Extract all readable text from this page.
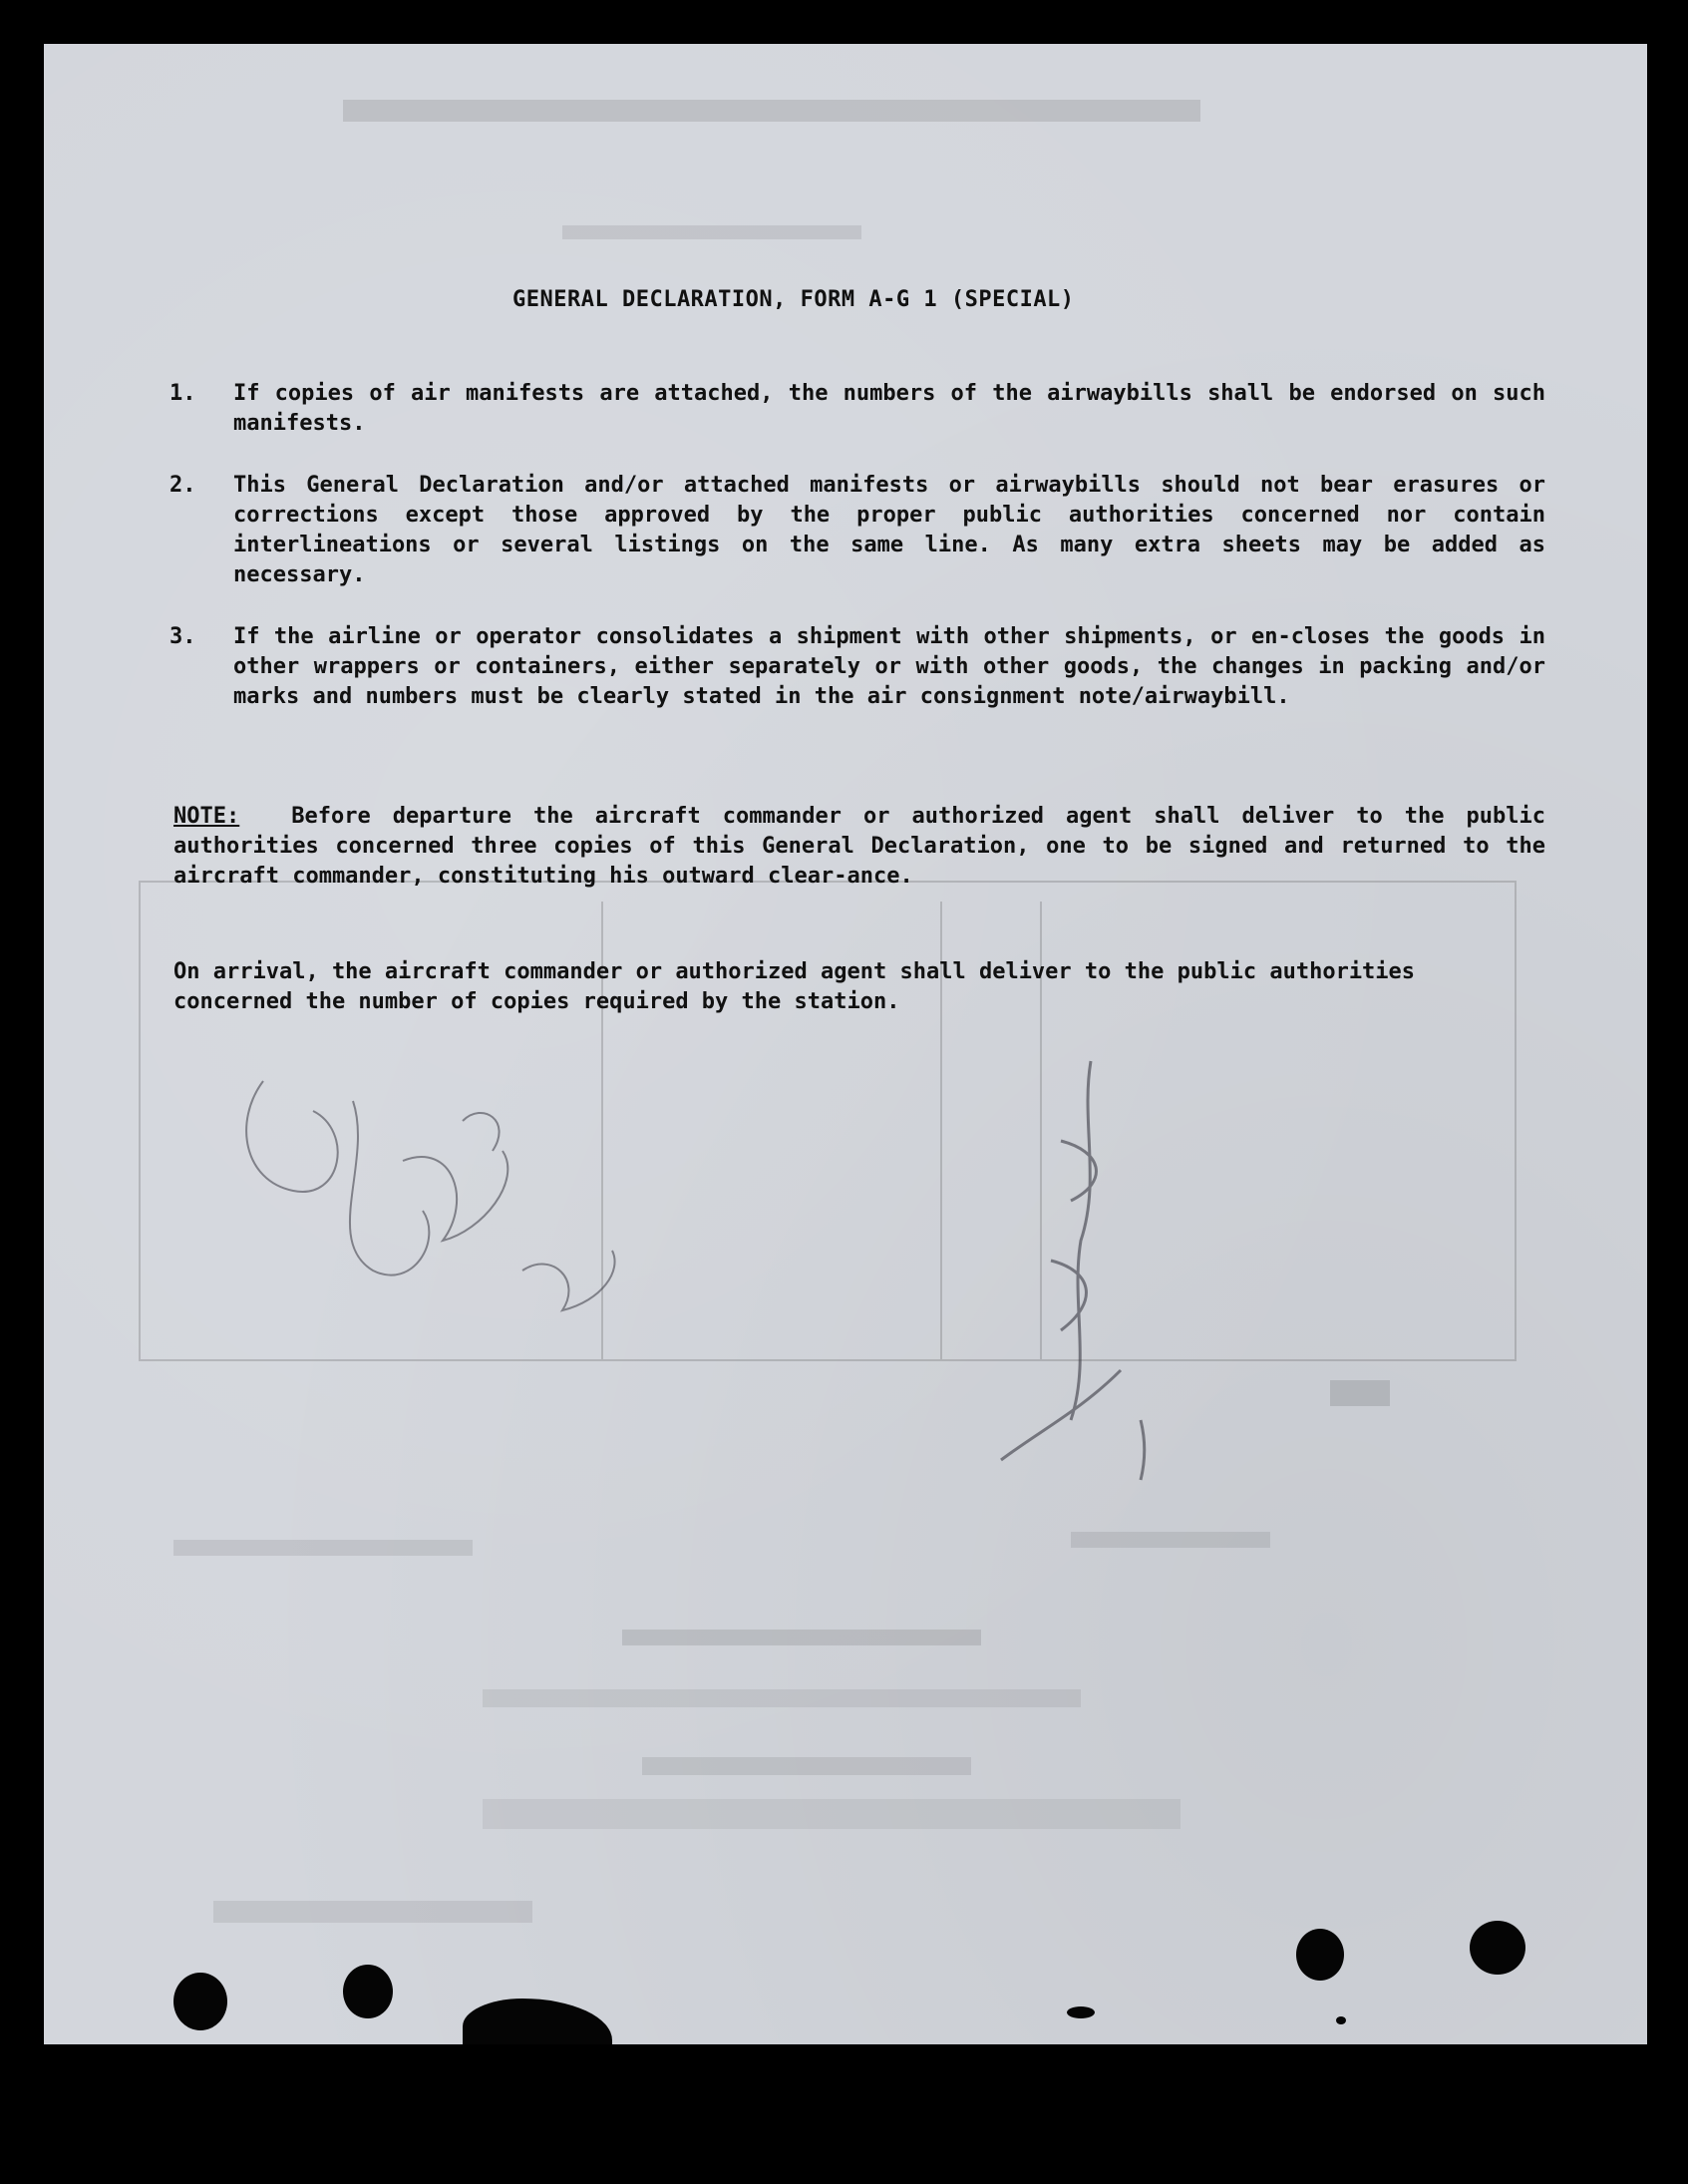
GENERAL DECLARATION, FORM A-G 1 (SPECIAL)
1.	If copies of air manifests are attached, the numbers of the airwaybills shall be endorsed on such manifests.
2.	This General Declaration and/or attached manifests or airwaybills should not bear erasures or corrections except those approved by the proper public authorities concerned nor contain interlineations or several listings on the same line. As many extra sheets may be added as necessary.
3.	If the airline or operator consolidates a shipment with other shipments, or en-closes the goods in other wrappers or containers, either separately or with other goods, the changes in packing and/or marks and numbers must be clearly stated in the air consignment note/airwaybill.
NOTE: Before departure the aircraft commander or authorized agent shall deliver to the public authorities concerned three copies of this General Declaration, one to be signed and returned to the aircraft commander, constituting his outward clear-ance.
On arrival, the aircraft commander or authorized agent shall deliver to the public authorities concerned the number of copies required by the station.
